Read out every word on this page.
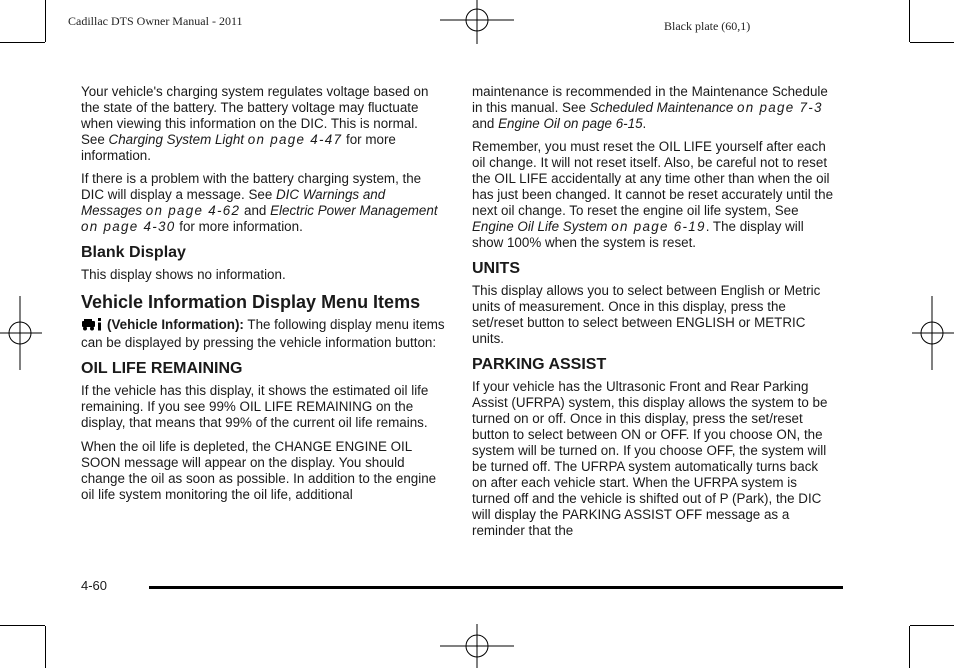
Cadillac DTS Owner Manual - 2011	Black plate (60,1)

Your vehicle's charging system regulates voltage based on the state of the battery. The battery voltage may fluctuate when viewing this information on the DIC. This is normal. See Charging System Light on page 4-47 for more information.

If there is a problem with the battery charging system, the DIC will display a message. See DIC Warnings and Messages on page 4-62 and Electric Power Management on page 4-30 for more information.

Blank Display

This display shows no information.

Vehicle Information Display Menu Items

(Vehicle Information): The following display menu items can be displayed by pressing the vehicle information button:

OIL LIFE REMAINING

If the vehicle has this display, it shows the estimated oil life remaining. If you see 99% OIL LIFE REMAINING on the display, that means that 99% of the current oil life remains.

When the oil life is depleted, the CHANGE ENGINE OIL SOON message will appear on the display. You should change the oil as soon as possible. In addition to the engine oil life system monitoring the oil life, additional

maintenance is recommended in the Maintenance Schedule in this manual. See Scheduled Maintenance on page 7-3 and Engine Oil on page 6-15.

Remember, you must reset the OIL LIFE yourself after each oil change. It will not reset itself. Also, be careful not to reset the OIL LIFE accidentally at any time other than when the oil has just been changed. It cannot be reset accurately until the next oil change. To reset the engine oil life system, See Engine Oil Life System on page 6-19. The display will show 100% when the system is reset.

UNITS

This display allows you to select between English or Metric units of measurement. Once in this display, press the set/reset button to select between ENGLISH or METRIC units.

PARKING ASSIST

If your vehicle has the Ultrasonic Front and Rear Parking Assist (UFRPA) system, this display allows the system to be turned on or off. Once in this display, press the set/reset button to select between ON or OFF. If you choose ON, the system will be turned on. If you choose OFF, the system will be turned off. The UFRPA system automatically turns back on after each vehicle start. When the UFRPA system is turned off and the vehicle is shifted out of P (Park), the DIC will display the PARKING ASSIST OFF message as a reminder that the

4-60
